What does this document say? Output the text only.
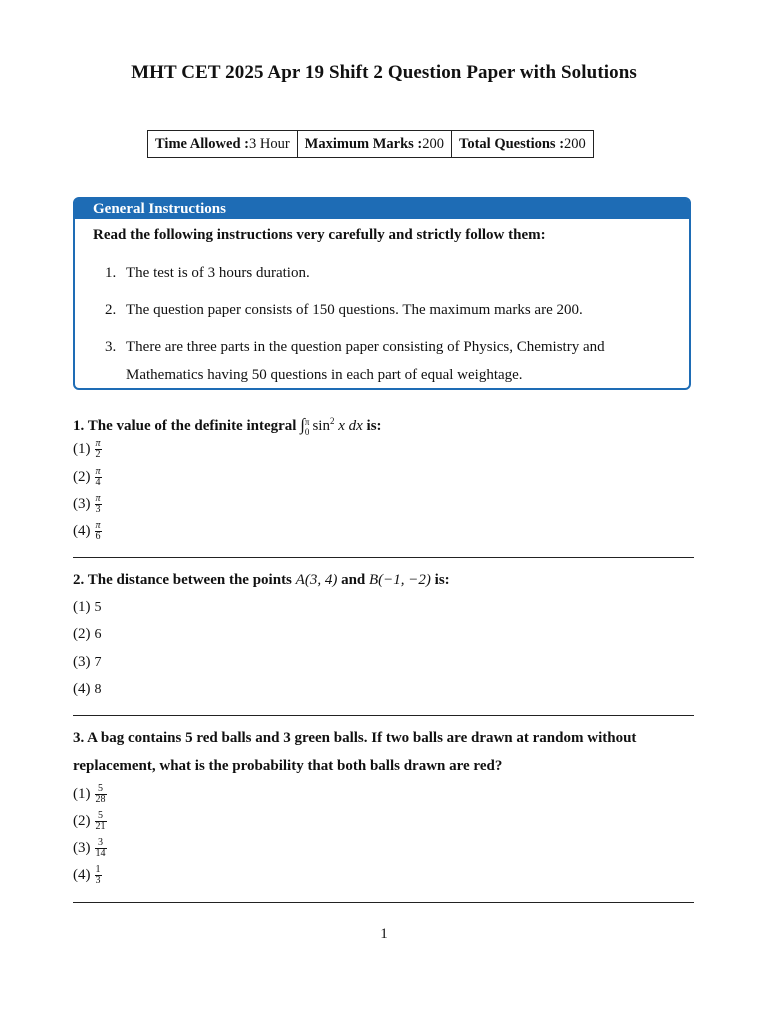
MHT CET 2025 Apr 19 Shift 2 Question Paper with Solutions
Time Allowed :3 Hour	Maximum Marks :200	Total Questions :200
General Instructions
Read the following instructions very carefully and strictly follow them:
1. The test is of 3 hours duration.
2. The question paper consists of 150 questions. The maximum marks are 200.
3. There are three parts in the question paper consisting of Physics, Chemistry and Mathematics having 50 questions in each part of equal weightage.
1. The value of the definite integral ∫ π
0 $\sin^2 x$ dx is:
$(1) \frac{\pi}{2}$
$(2) \frac{\pi}{4}$
$(3) \frac{\pi}{3}$
$(4) \frac{\pi}{6}$
2. The distance between the points A(3, 4) and B(−1, −2) is:
(1) 5
(2) 6
(3) 7
(4) 8
3. A bag contains 5 red balls and 3 green balls. If two balls are drawn at random without replacement, what is the probability that both balls drawn are red?
$(1) \frac{5}{28}$
$(2) \frac{5}{21}$
$(3) \frac{3}{14}$
$(4) \frac{1}{3}$
1
